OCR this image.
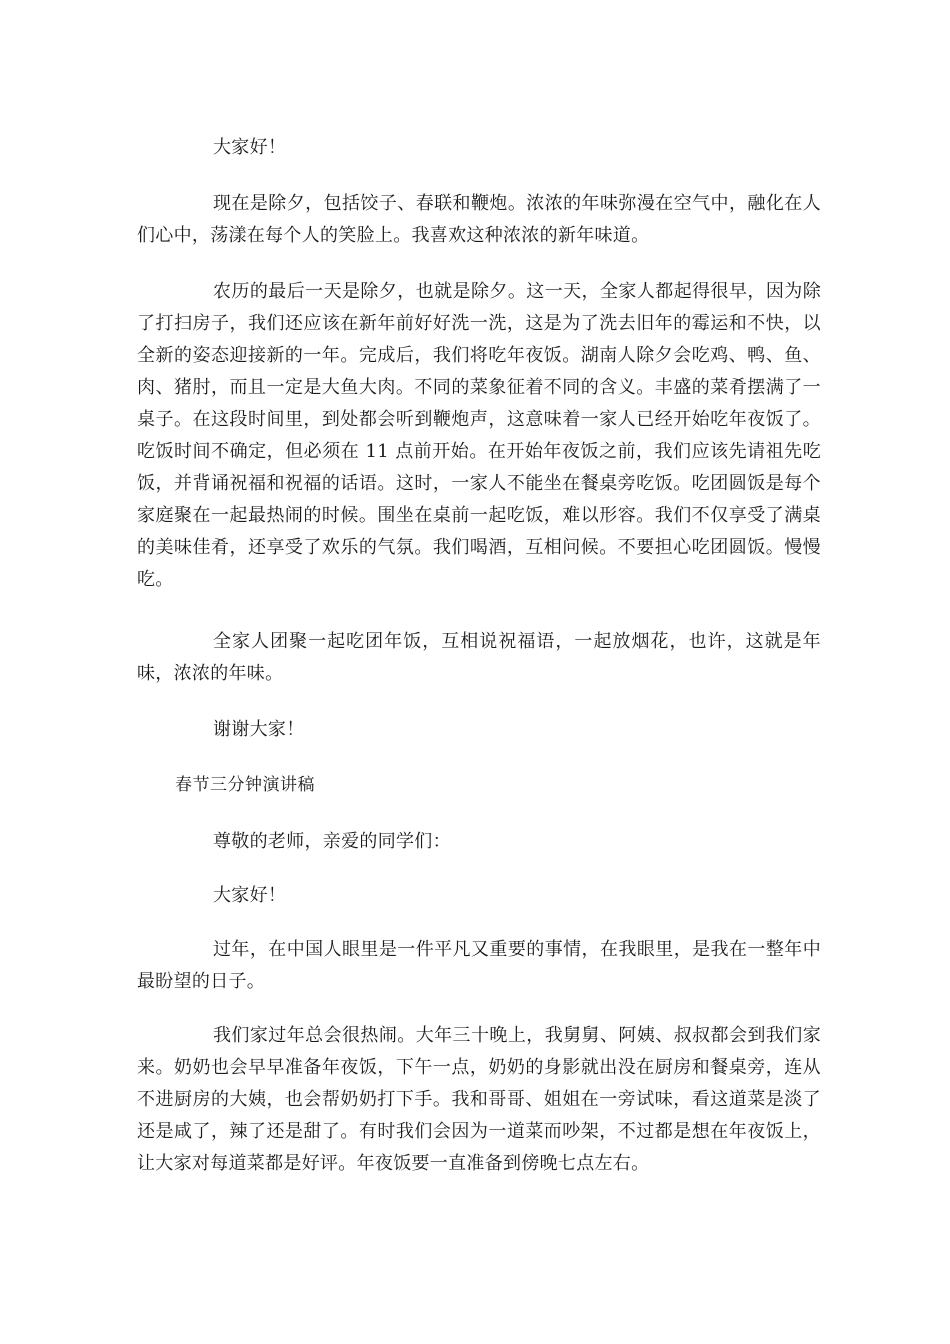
大家好！

现在是除夕，包括饺子、春联和鞭炮。浓浓的年味弥漫在空气中，融化在人们心中，荡漾在每个人的笑脸上。我喜欢这种浓浓的新年味道。

农历的最后一天是除夕，也就是除夕。这一天，全家人都起得很早，因为除了打扫房子，我们还应该在新年前好好洗一洗，这是为了洗去旧年的霉运和不快，以全新的姿态迎接新的一年。完成后，我们将吃年夜饭。湖南人除夕会吃鸡、鸭、鱼、肉、猪肘，而且一定是大鱼大肉。不同的菜象征着不同的含义。丰盛的菜肴摆满了一桌子。在这段时间里，到处都会听到鞭炮声，这意味着一家人已经开始吃年夜饭了。吃饭时间不确定，但必须在 11 点前开始。在开始年夜饭之前，我们应该先请祖先吃饭，并背诵祝福和祝福的话语。这时，一家人不能坐在餐桌旁吃饭。吃团圆饭是每个家庭聚在一起最热闹的时候。围坐在桌前一起吃饭，难以形容。我们不仅享受了满桌的美味佳肴，还享受了欢乐的气氛。我们喝酒，互相问候。不要担心吃团圆饭。慢慢吃。

全家人团聚一起吃团年饭，互相说祝福语，一起放烟花，也许，这就是年味，浓浓的年味。

谢谢大家！

春节三分钟演讲稿

尊敬的老师，亲爱的同学们：

大家好！

过年，在中国人眼里是一件平凡又重要的事情，在我眼里，是我在一整年中最盼望的日子。

我们家过年总会很热闹。大年三十晚上，我舅舅、阿姨、叔叔都会到我们家来。奶奶也会早早准备年夜饭，下午一点，奶奶的身影就出没在厨房和餐桌旁，连从不进厨房的大姨，也会帮奶奶打下手。我和哥哥、姐姐在一旁试味，看这道菜是淡了还是咸了，辣了还是甜了。有时我们会因为一道菜而吵架，不过都是想在年夜饭上，让大家对每道菜都是好评。年夜饭要一直准备到傍晚七点左右。
